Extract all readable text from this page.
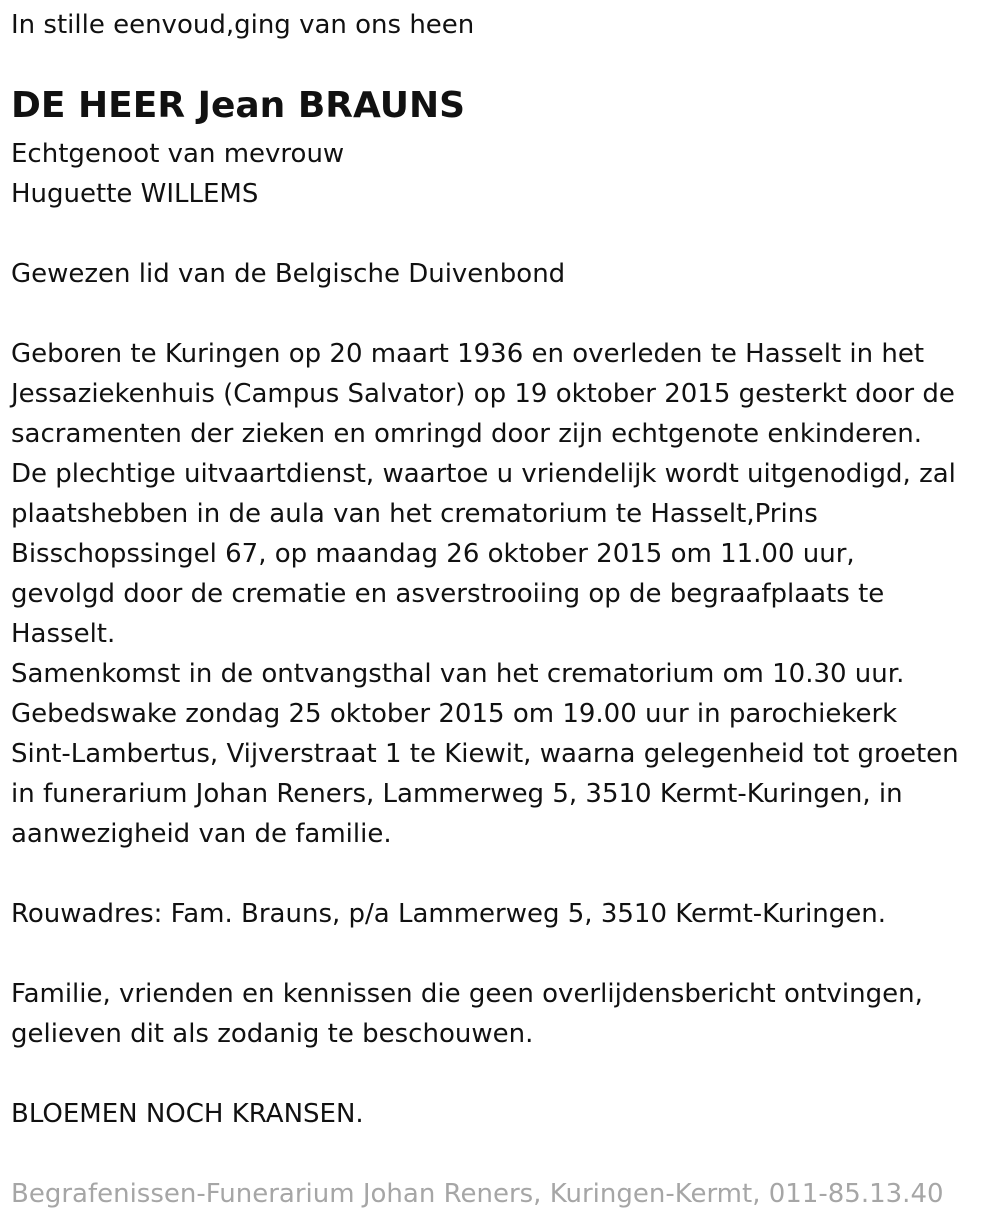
In stille eenvoud,ging van ons heen
DE HEER Jean BRAUNS
Echtgenoot van mevrouw
Huguette WILLEMS
Gewezen lid van de Belgische Duivenbond
Geboren te Kuringen op 20 maart 1936 en overleden te Hasselt in het
Jessaziekenhuis (Campus Salvator) op 19 oktober 2015 gesterkt door de
sacramenten der zieken en omringd door zijn echtgenote enkinderen.
De plechtige uitvaartdienst, waartoe u vriendelijk wordt uitgenodigd, zal
plaatshebben in de aula van het crematorium te Hasselt,Prins
Bisschopssingel 67, op maandag 26 oktober 2015 om 11.00 uur,
gevolgd door de crematie en asverstrooiing op de begraafplaats te
Hasselt.
Samenkomst in de ontvangsthal van het crematorium om 10.30 uur.
Gebedswake zondag 25 oktober 2015 om 19.00 uur in parochiekerk
Sint-Lambertus, Vijverstraat 1 te Kiewit, waarna gelegenheid tot groeten
in funerarium Johan Reners, Lammerweg 5, 3510 Kermt-Kuringen, in
aanwezigheid van de familie.
Rouwadres: Fam. Brauns, p/a Lammerweg 5, 3510 Kermt-Kuringen.
Familie, vrienden en kennissen die geen overlijdensbericht ontvingen,
gelieven dit als zodanig te beschouwen.
BLOEMEN NOCH KRANSEN.
Begrafenissen-Funerarium Johan Reners, Kuringen-Kermt, 011-85.13.40
